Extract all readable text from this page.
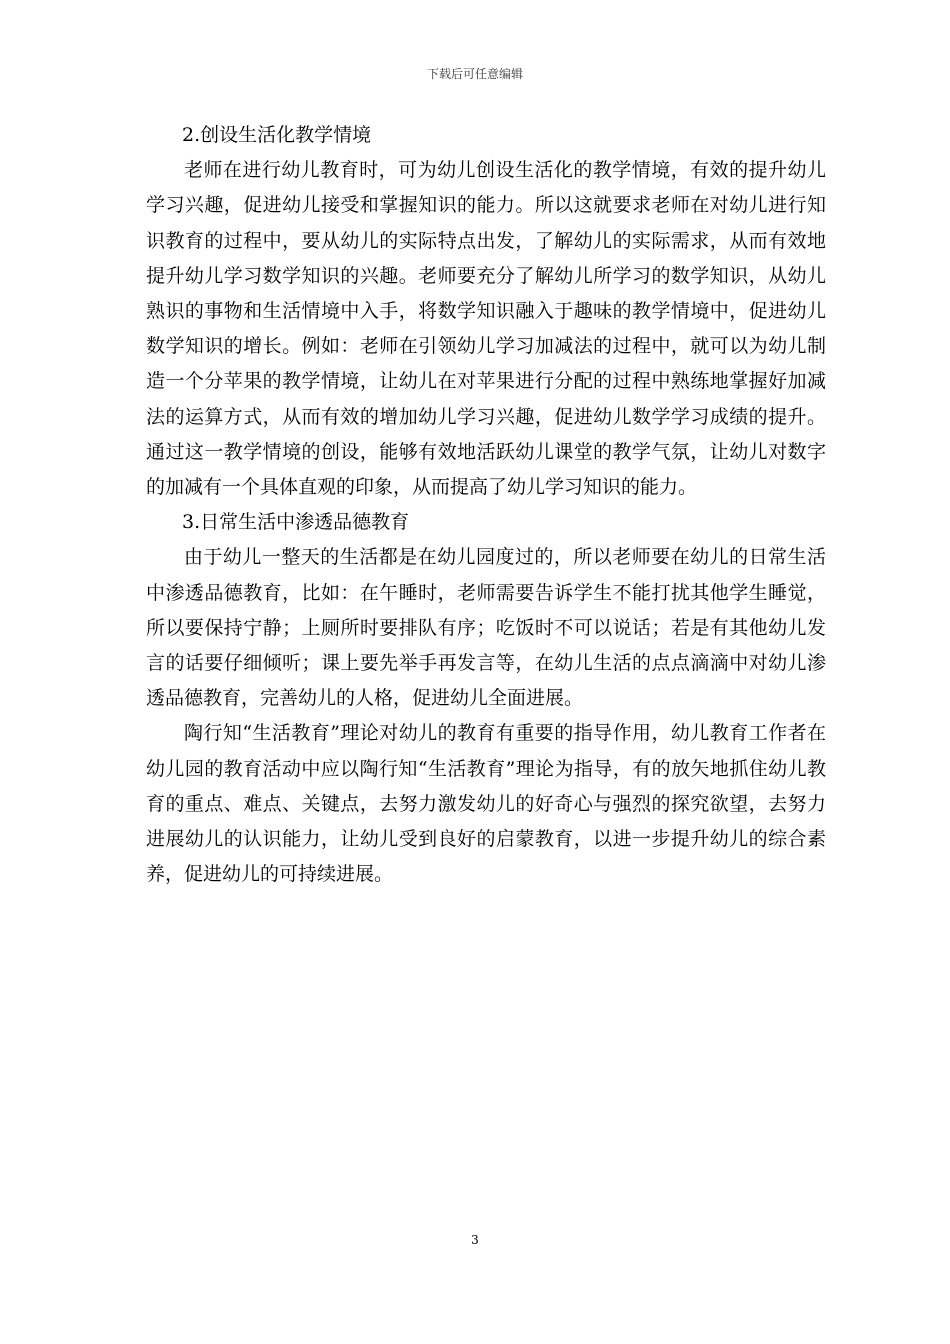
下载后可任意编辑

2.创设生活化教学情境

老师在进行幼儿教育时，可为幼儿创设生活化的教学情境，有效的提升幼儿学习兴趣，促进幼儿接受和掌握知识的能力。所以这就要求老师在对幼儿进行知识教育的过程中，要从幼儿的实际特点出发，了解幼儿的实际需求，从而有效地提升幼儿学习数学知识的兴趣。老师要充分了解幼儿所学习的数学知识，从幼儿熟识的事物和生活情境中入手，将数学知识融入于趣味的教学情境中，促进幼儿数学知识的增长。例如：老师在引领幼儿学习加减法的过程中，就可以为幼儿制造一个分苹果的教学情境，让幼儿在对苹果进行分配的过程中熟练地掌握好加减法的运算方式，从而有效的增加幼儿学习兴趣，促进幼儿数学学习成绩的提升。通过这一教学情境的创设，能够有效地活跃幼儿课堂的教学气氛，让幼儿对数字的加减有一个具体直观的印象，从而提高了幼儿学习知识的能力。

3.日常生活中渗透品德教育

由于幼儿一整天的生活都是在幼儿园度过的，所以老师要在幼儿的日常生活中渗透品德教育，比如：在午睡时，老师需要告诉学生不能打扰其他学生睡觉，所以要保持宁静；上厕所时要排队有序；吃饭时不可以说话；若是有其他幼儿发言的话要仔细倾听；课上要先举手再发言等，在幼儿生活的点点滴滴中对幼儿渗透品德教育，完善幼儿的人格，促进幼儿全面进展。

陶行知“生活教育”理论对幼儿的教育有重要的指导作用，幼儿教育工作者在幼儿园的教育活动中应以陶行知“生活教育”理论为指导，有的放矢地抓住幼儿教育的重点、难点、关键点，去努力激发幼儿的好奇心与强烈的探究欲望，去努力进展幼儿的认识能力，让幼儿受到良好的启蒙教育，以进一步提升幼儿的综合素养，促进幼儿的可持续进展。

3
